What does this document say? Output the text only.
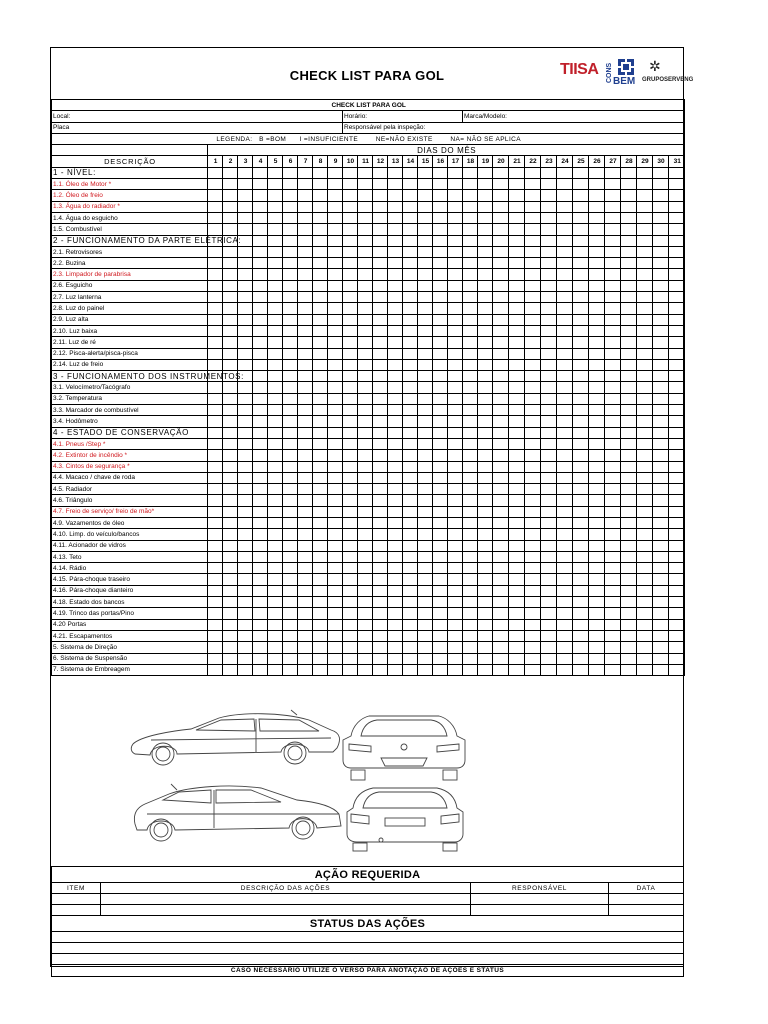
CHECK LIST PARA GOL	TIISA CONS BEM
✲
GRUPOSERVENG
CHECK LIST PARA GOL																															
Local:										Horário:								Marca/Modelo:													
Placa										Responsável pela inspeção:																					
LEGENDA: B =BOM I =INSUFICIENTE NE=NÃO EXISTE NA= NÃO SE APLICA																															
	DIAS DO MÊS																														
DESCRIÇÃO	1	2	3	4	5	6	7	8	9	10	11	12	13	14	15	16	17	18	19	20	21	22	23	24	25	26	27	28	29	30	31
1 - NÍVEL:																															
1.1. Óleo de Motor *																															
1.2. Óleo de freio																															
1.3. Água do radiador *																															
1.4. Água do esguicho																															
1.5. Combustível																															
2 - FUNCIONAMENTO DA PARTE ELÉTRICA:																															
2.1. Retrovisores																															
2.2. Buzina																															
2.3. Limpador de parabrisa																															
2.6. Esguicho																															
2.7. Luz lanterna																															
2.8. Luz do painel																															
2.9. Luz alta																															
2.10. Luz baixa																															
2.11. Luz de ré																															
2.12. Pisca-alerta/pisca-pisca																															
2.14. Luz de freio																															
3 - FUNCIONAMENTO DOS INSTRUMENTOS:																															
3.1. Velocímetro/Tacógrafo																															
3.2. Temperatura																															
3.3. Marcador de combustível																															
3.4. Hodômetro																															
4 - ESTADO DE CONSERVAÇÃO																															
4.1. Pneus /Step *																															
4.2. Extintor de incêndio *																															
4.3. Cintos de segurança *																															
4.4. Macaco / chave de roda																															
4.5. Radiador																															
4.6. Triângulo																															
4.7. Freio de serviço/ freio de mão*																															
4.9. Vazamentos de óleo																															
4.10. Limp. do veículo/bancos																															
4.11. Acionador de vidros																															
4.13. Teto																															
4.14. Rádio																															
4.15. Pára-choque traseiro																															
4.16. Pára-choque dianteiro																															
4.18. Estado dos bancos																															
4.19. Trinco das portas/Pino																															
4.20 Portas																															
4.21. Escapamentos																															
5. Sistema de Direção																															
6. Sistema de Suspensão																															
7. Sistema de Embreagem																															
AÇÃO REQUERIDA			
ITEM	DESCRIÇÃO DAS AÇÕES	RESPONSÁVEL	DATA

STATUS DAS AÇÕES			

CASO NECESSÁRIO UTILIZE O VERSO PARA ANOTAÇÃO DE AÇÕES E STATUS			
